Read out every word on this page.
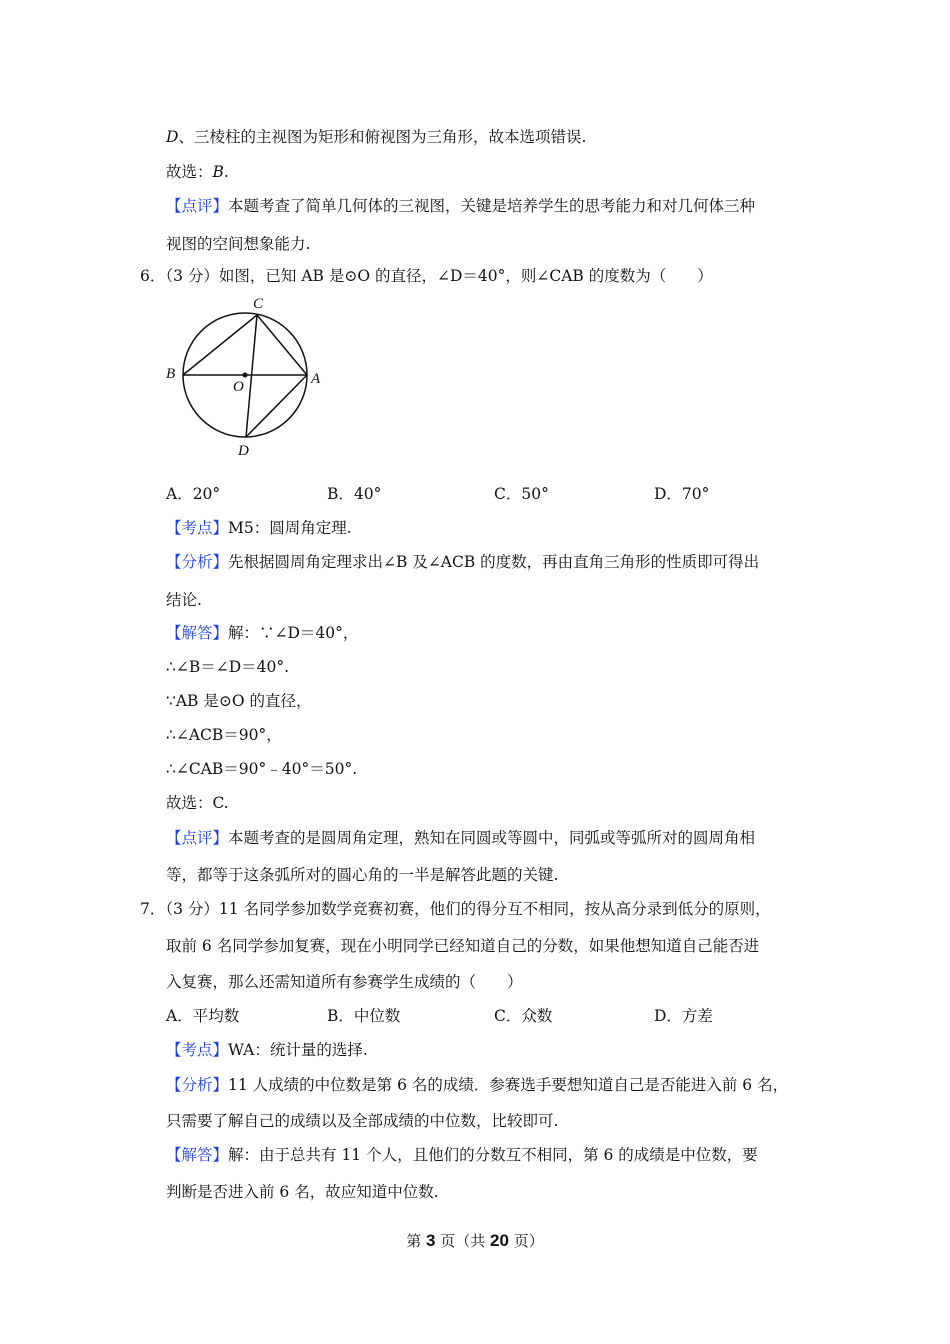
D、三棱柱的主视图为矩形和俯视图为三角形，故本选项错误.
故选：B.
【点评】本题考查了简单几何体的三视图，关键是培养学生的思考能力和对几何体三种
视图的空间想象能力.
6．（3 分）如图，已知 AB 是⊙O 的直径，∠D＝40°，则∠CAB 的度数为（　　）
C
B
O	A
D
A．20°	B．40°	C．50°	D．70°
【考点】M5：圆周角定理.
【分析】先根据圆周角定理求出∠B 及∠ACB 的度数，再由直角三角形的性质即可得出
结论.
【解答】解：∵∠D＝40°，
∴∠B＝∠D＝40°.
∵AB 是⊙O 的直径，
∴∠ACB＝90°，
∴∠CAB＝90°﹣40°＝50°.
故选：C.
【点评】本题考查的是圆周角定理，熟知在同圆或等圆中，同弧或等弧所对的圆周角相
等，都等于这条弧所对的圆心角的一半是解答此题的关键.
7．（3 分）11 名同学参加数学竞赛初赛，他们的得分互不相同，按从高分录到低分的原则，
取前 6 名同学参加复赛，现在小明同学已经知道自己的分数，如果他想知道自己能否进
入复赛，那么还需知道所有参赛学生成绩的（　　）
A．平均数	B．中位数	C．众数	D．方差
【考点】WA：统计量的选择.
【分析】11 人成绩的中位数是第 6 名的成绩．参赛选手要想知道自己是否能进入前 6 名，
只需要了解自己的成绩以及全部成绩的中位数，比较即可.
【解答】解：由于总共有 11 个人，且他们的分数互不相同，第 6 的成绩是中位数，要
判断是否进入前 6 名，故应知道中位数.
第 3 页（共 20 页）
